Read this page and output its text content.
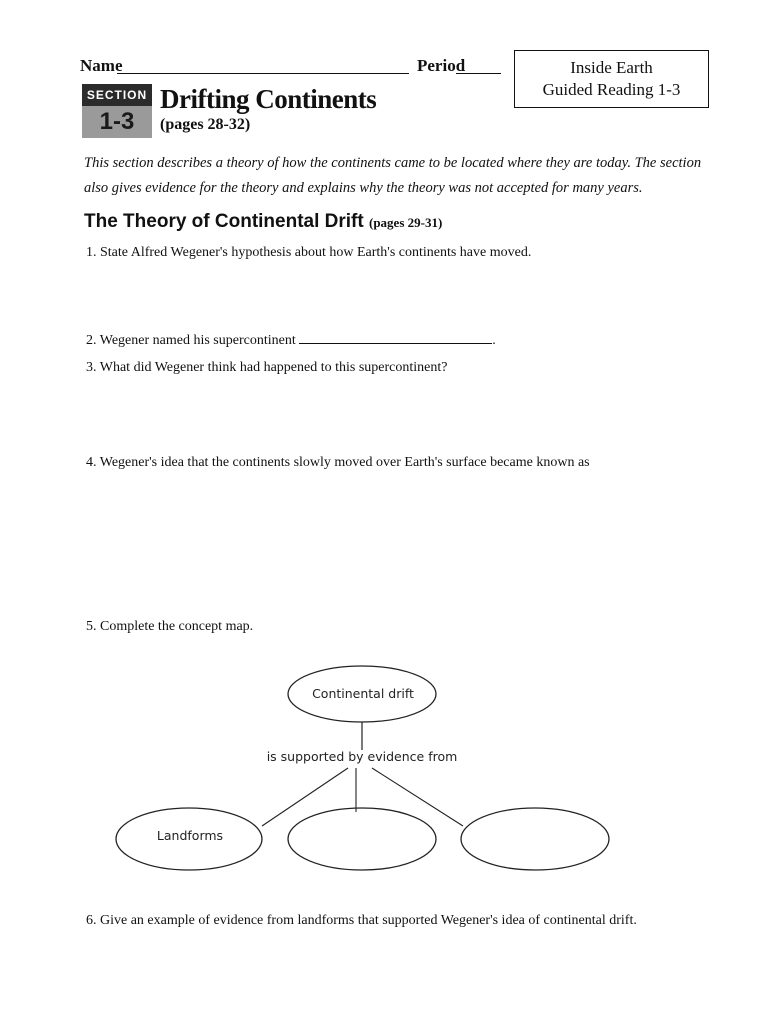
Name	Period	Inside Earth
Guided Reading 1-3
SECTION
1-3
Drifting Continents
(pages 28-32)
This section describes a theory of how the continents came to be located where they are today. The section also gives evidence for the theory and explains why the theory was not accepted for many years.
The Theory of Continental Drift (pages 29-31)
1. State Alfred Wegener's hypothesis about how Earth's continents have moved.
2. Wegener named his supercontinent	.
3. What did Wegener think had happened to this supercontinent?
4. Wegener's idea that the continents slowly moved over Earth's surface became known as
5. Complete the concept map.
Continental drift
is supported by evidence from
Landforms
6. Give an example of evidence from landforms that supported Wegener's idea of continental drift.
